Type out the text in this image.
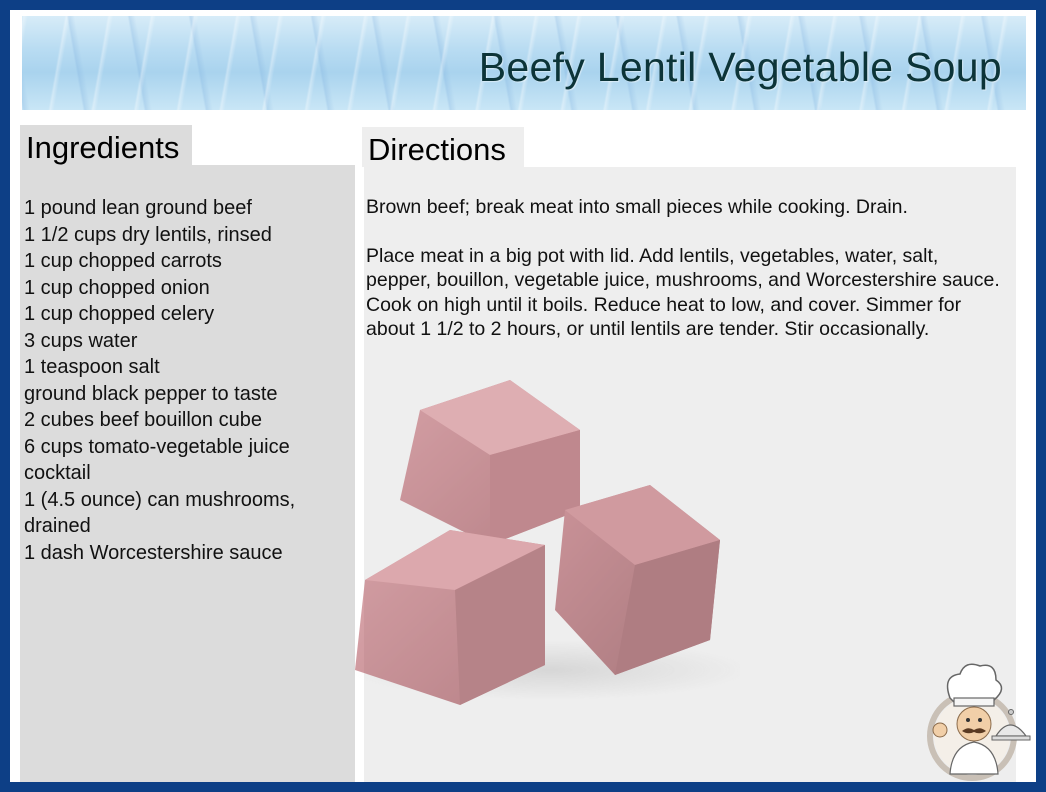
Beefy Lentil Vegetable Soup
Ingredients	Directions
1 pound lean ground beef
1 1/2 cups dry lentils, rinsed
1 cup chopped carrots
1 cup chopped onion
1 cup chopped celery
3 cups water
1 teaspoon salt
ground black pepper to taste
2 cubes beef bouillon cube
6 cups tomato-vegetable juice cocktail
1 (4.5 ounce) can mushrooms, drained
1 dash Worcestershire sauce

Brown beef; break meat into small pieces while cooking. Drain.

Place meat in a big pot with lid. Add lentils, vegetables, water, salt, pepper, bouillon, vegetable juice, mushrooms, and Worcestershire sauce. Cook on high until it boils. Reduce heat to low, and cover. Simmer for about 1 1/2 to 2 hours, or until lentils are tender. Stir occasionally.
